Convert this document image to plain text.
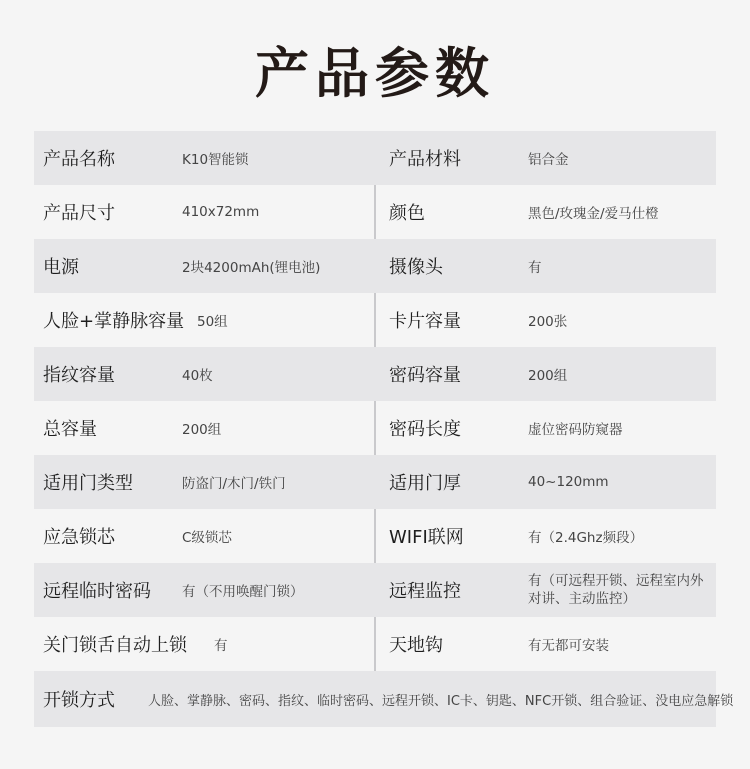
产品参数
产品名称	K10智能锁	产品材料	铝合金
产品尺寸	410x72mm	颜色	黑色/玫瑰金/爱马仕橙
电源	2块4200mAh(锂电池)	摄像头	有
人脸+掌静脉容量 50组	卡片容量	200张
指纹容量	40枚	密码容量	200组
总容量	200组	密码长度	虚位密码防窥器
适用门类型	防盗门/木门/铁门	适用门厚	40~120mm
应急锁芯	C级锁芯	WIFI联网	有（2.4Ghz频段）
远程临时密码 有（不用唤醒门锁）	远程监控	有（可远程开锁、远程室内外对讲、主动监控）
关门锁舌自动上锁 有	天地钩	有无都可安装
开锁方式	人脸、掌静脉、密码、指纹、临时密码、远程开锁、IC卡、钥匙、NFC开锁、组合验证、没电应急解锁
